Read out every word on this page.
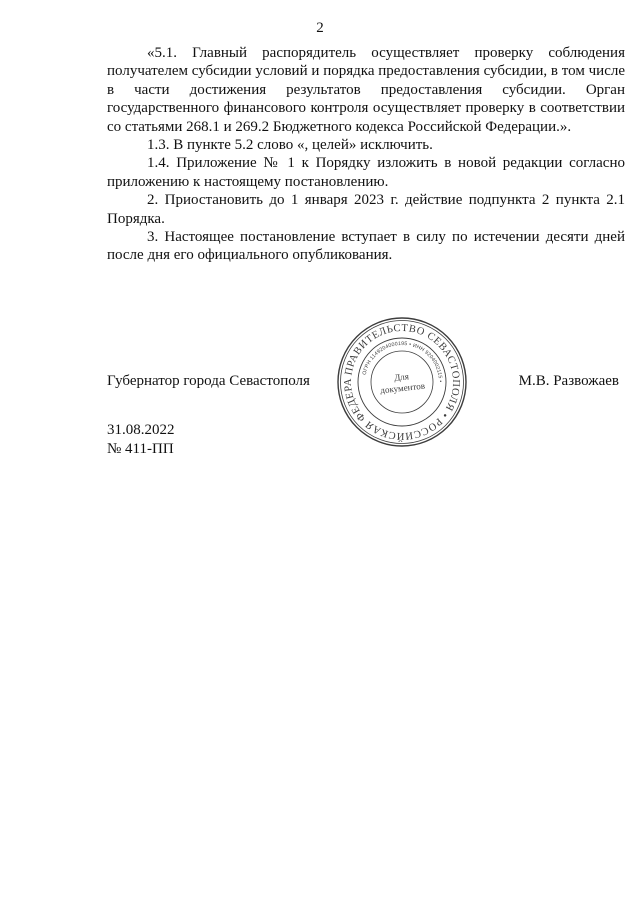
2

«5.1. Главный распорядитель осуществляет проверку соблюдения получателем субсидии условий и порядка предоставления субсидии, в том числе в части достижения результатов предоставления субсидии. Орган государственного финансового контроля осуществляет проверку в соответствии со статьями 268.1 и 269.2 Бюджетного кодекса Российской Федерации.».

1.3. В пункте 5.2 слово «, целей» исключить.

1.4. Приложение № 1 к Порядку изложить в новой редакции согласно приложению к настоящему постановлению.

2. Приостановить до 1 января 2023 г. действие подпункта 2 пункта 2.1 Порядка.

3. Настоящее постановление вступает в силу по истечении десяти дней после дня его официального опубликования.

Губернатор города Севастополя	М.В. Развожаев
ПРАВИТЕЛЬСТВО СЕВАСТОПОЛЯ • РОССИЙСКАЯ ФЕДЕРА
ОГРН 1149204000195 • ИНН 9204002115 •
Для
документов
31.08.2022
№ 411-ПП
